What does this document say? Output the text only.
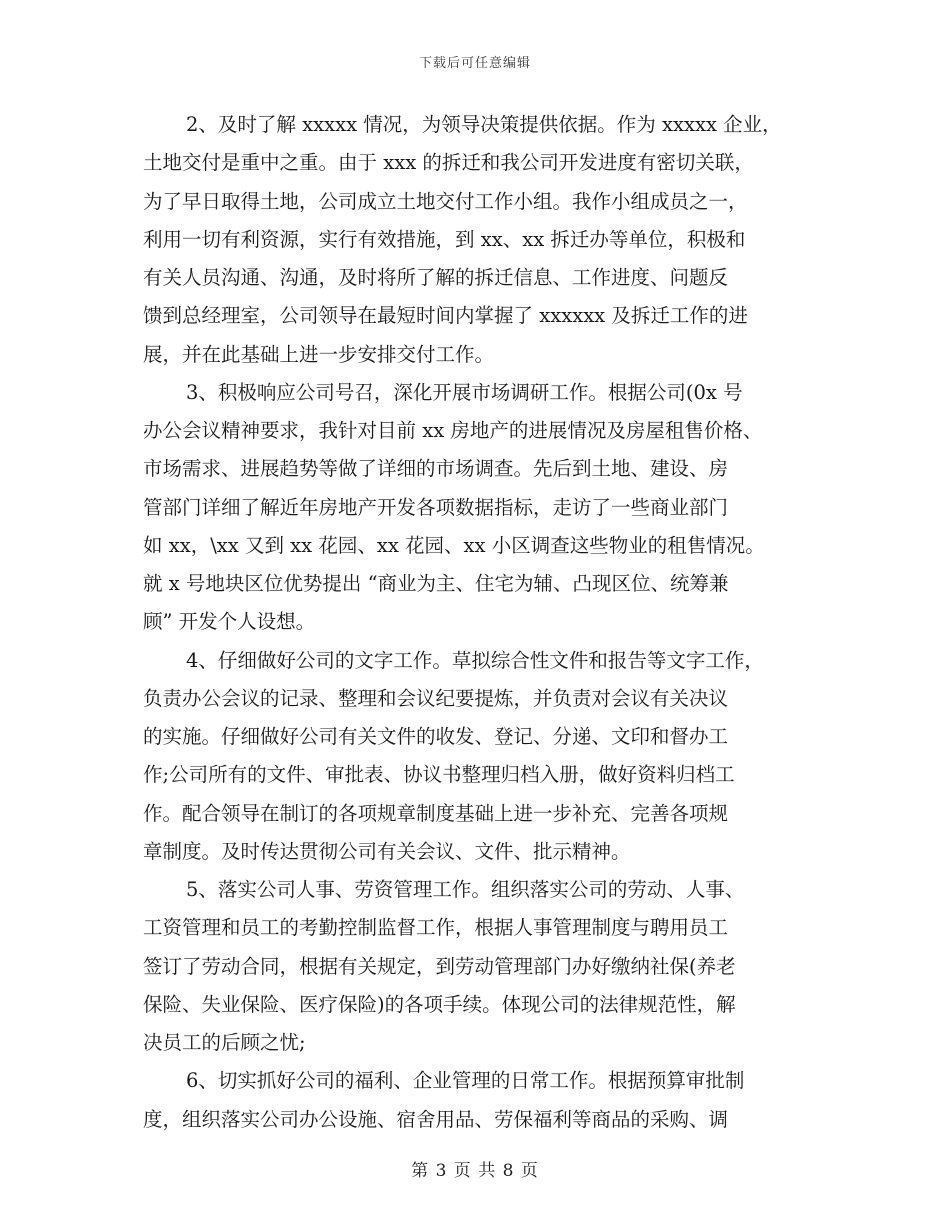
下载后可任意编辑
2、及时了解 xxxxx 情况，为领导决策提供依据。作为 xxxxx 企业，
土地交付是重中之重。由于 xxx 的拆迁和我公司开发进度有密切关联，
为了早日取得土地，公司成立土地交付工作小组。我作小组成员之一，
利用一切有利资源，实行有效措施，到 xx、xx 拆迁办等单位，积极和
有关人员沟通、沟通，及时将所了解的拆迁信息、工作进度、问题反
馈到总经理室，公司领导在最短时间内掌握了 xxxxxx 及拆迁工作的进
展，并在此基础上进一步安排交付工作。
3、积极响应公司号召，深化开展市场调研工作。根据公司(0x 号
办公会议精神要求，我针对目前 xx 房地产的进展情况及房屋租售价格、
市场需求、进展趋势等做了详细的市场调查。先后到土地、建设、房
管部门详细了解近年房地产开发各项数据指标，走访了一些商业部门
如 xx，\xx 又到 xx 花园、xx 花园、xx 小区调查这些物业的租售情况。
就 x 号地块区位优势提出 “商业为主、住宅为辅、凸现区位、统筹兼
顾” 开发个人设想。
4、仔细做好公司的文字工作。草拟综合性文件和报告等文字工作，
负责办公会议的记录、整理和会议纪要提炼，并负责对会议有关决议
的实施。仔细做好公司有关文件的收发、登记、分递、文印和督办工
作;公司所有的文件、审批表、协议书整理归档入册，做好资料归档工
作。配合领导在制订的各项规章制度基础上进一步补充、完善各项规
章制度。及时传达贯彻公司有关会议、文件、批示精神。
5、落实公司人事、劳资管理工作。组织落实公司的劳动、人事、
工资管理和员工的考勤控制监督工作，根据人事管理制度与聘用员工
签订了劳动合同，根据有关规定，到劳动管理部门办好缴纳社保(养老
保险、失业保险、医疗保险)的各项手续。体现公司的法律规范性，解
决员工的后顾之忧;
6、切实抓好公司的福利、企业管理的日常工作。根据预算审批制
度，组织落实公司办公设施、宿舍用品、劳保福利等商品的采购、调
第 3 页 共 8 页
